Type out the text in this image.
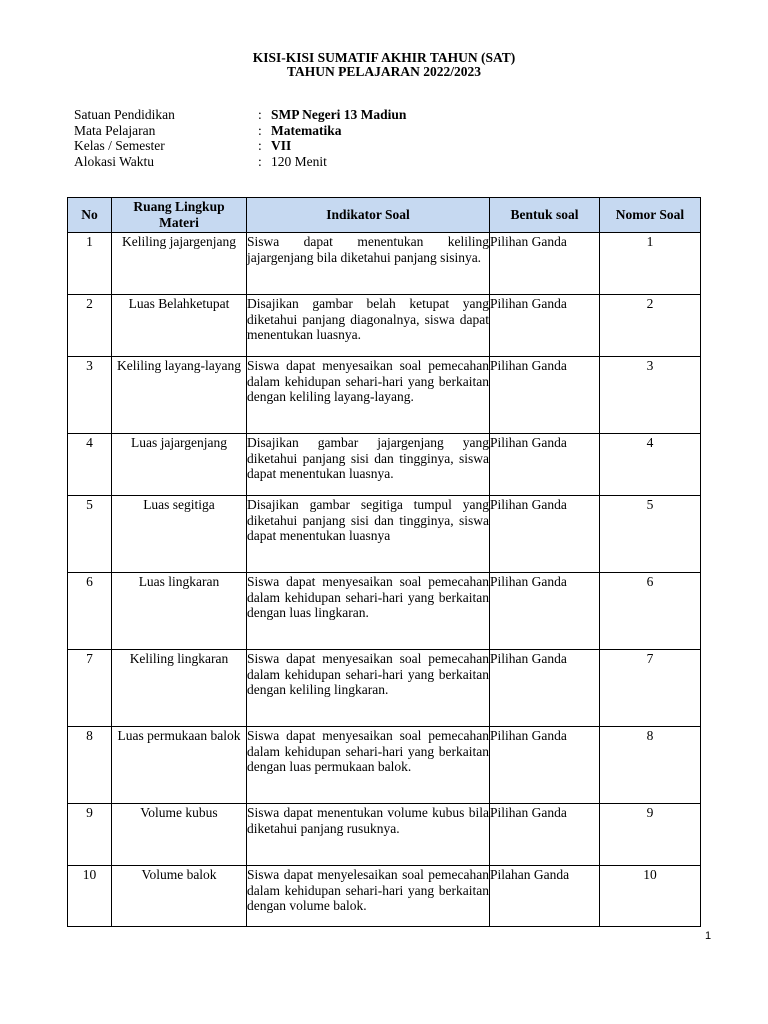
KISI-KISI SUMATIF AKHIR TAHUN (SAT)
TAHUN PELAJARAN 2022/2023
Satuan Pendidikan	: SMP Negeri 13 Madiun
Mata Pelajaran	: Matematika
Kelas / Semester	: VII
Alokasi Waktu	: 120 Menit
No	Ruang Lingkup Materi	Indikator Soal	Bentuk soal	Nomor Soal
1	Keliling jajargenjang	Siswa dapat menentukan keliling jajargenjang bila diketahui panjang sisinya.	Pilihan Ganda	1
2	Luas Belahketupat	Disajikan gambar belah ketupat yang diketahui panjang diagonalnya, siswa dapat menentukan luasnya.	Pilihan Ganda	2
3	Keliling layang-layang	Siswa dapat menyesaikan soal pemecahan dalam kehidupan sehari-hari yang berkaitan dengan keliling layang-layang.	Pilihan Ganda	3
4	Luas jajargenjang	Disajikan gambar jajargenjang yang diketahui panjang sisi dan tingginya, siswa dapat menentukan luasnya.	Pilihan Ganda	4
5	Luas segitiga	Disajikan gambar segitiga tumpul yang diketahui panjang sisi dan tingginya, siswa dapat menentukan luasnya	Pilihan Ganda	5
6	Luas lingkaran	Siswa dapat menyesaikan soal pemecahan dalam kehidupan sehari-hari yang berkaitan dengan luas lingkaran.	Pilihan Ganda	6
7	Keliling lingkaran	Siswa dapat menyesaikan soal pemecahan dalam kehidupan sehari-hari yang berkaitan dengan keliling lingkaran.	Pilihan Ganda	7
8	Luas permukaan balok	Siswa dapat menyesaikan soal pemecahan dalam kehidupan sehari-hari yang berkaitan dengan luas permukaan balok.	Pilihan Ganda	8
9	Volume kubus	Siswa dapat menentukan volume kubus bila diketahui panjang rusuknya.	Pilihan Ganda	9
10	Volume balok	Siswa dapat menyelesaikan soal pemecahan dalam kehidupan sehari-hari yang berkaitan dengan volume balok.	Pilahan Ganda	10
1
